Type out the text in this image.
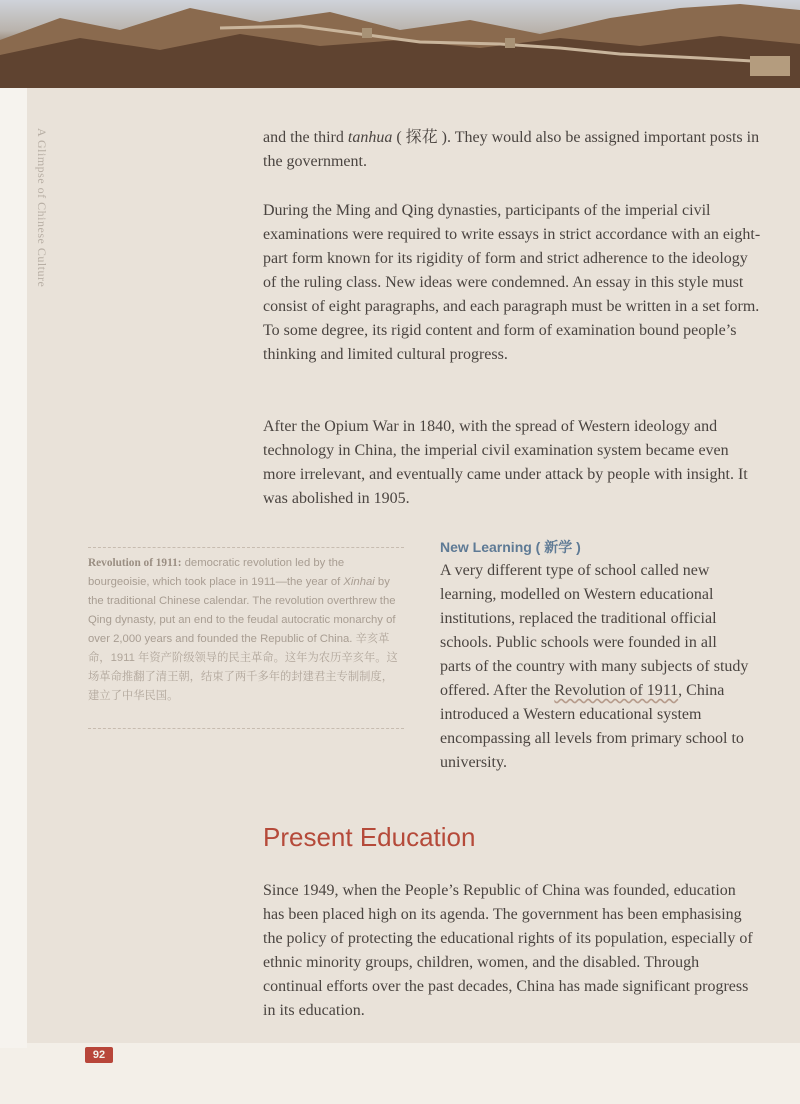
A Glimpse of Chinese Culture	and the third tanhua ( 探花 ). They would also be assigned important posts in the government.

During the Ming and Qing dynasties, participants of the imperial civil examinations were required to write essays in strict accordance with an eight-part form known for its rigidity of form and strict adherence to the ideology of the ruling class. New ideas were condemned. An essay in this style must consist of eight paragraphs, and each paragraph must be written in a set form. To some degree, its rigid content and form of examination bound people’s thinking and limited cultural progress.

After the Opium War in 1840, with the spread of Western ideology and technology in China, the imperial civil examination system became even more irrelevant, and eventually came under attack by people with insight. It was abolished in 1905.

Revolution of 1911: democratic revolution led by the bourgeoisie, which took place in 1911—the year of Xinhai by the traditional Chinese calendar. The revolution overthrew the Qing dynasty, put an end to the feudal autocratic monarchy of over 2,000 years and founded the Republic of China. 辛亥革命，1911 年资产阶级领导的民主革命。这年为农历辛亥年。这场革命推翻了清王朝，结束了两千多年的封建君主专制制度，建立了中华民国。
New Learning ( 新学 )

A very different type of school called new learning, modelled on Western educational institutions, replaced the traditional official schools. Public schools were founded in all parts of the country with many subjects of study offered. After the Revolution of 1911, China introduced a Western educational system encompassing all levels from primary school to university.

Present Education

Since 1949, when the People’s Republic of China was founded, education has been placed high on its agenda. The government has been emphasising the policy of protecting the educational rights of its population, especially of ethnic minority groups, children, women, and the disabled. Through continual efforts over the past decades, China has made significant progress in its education.

92
